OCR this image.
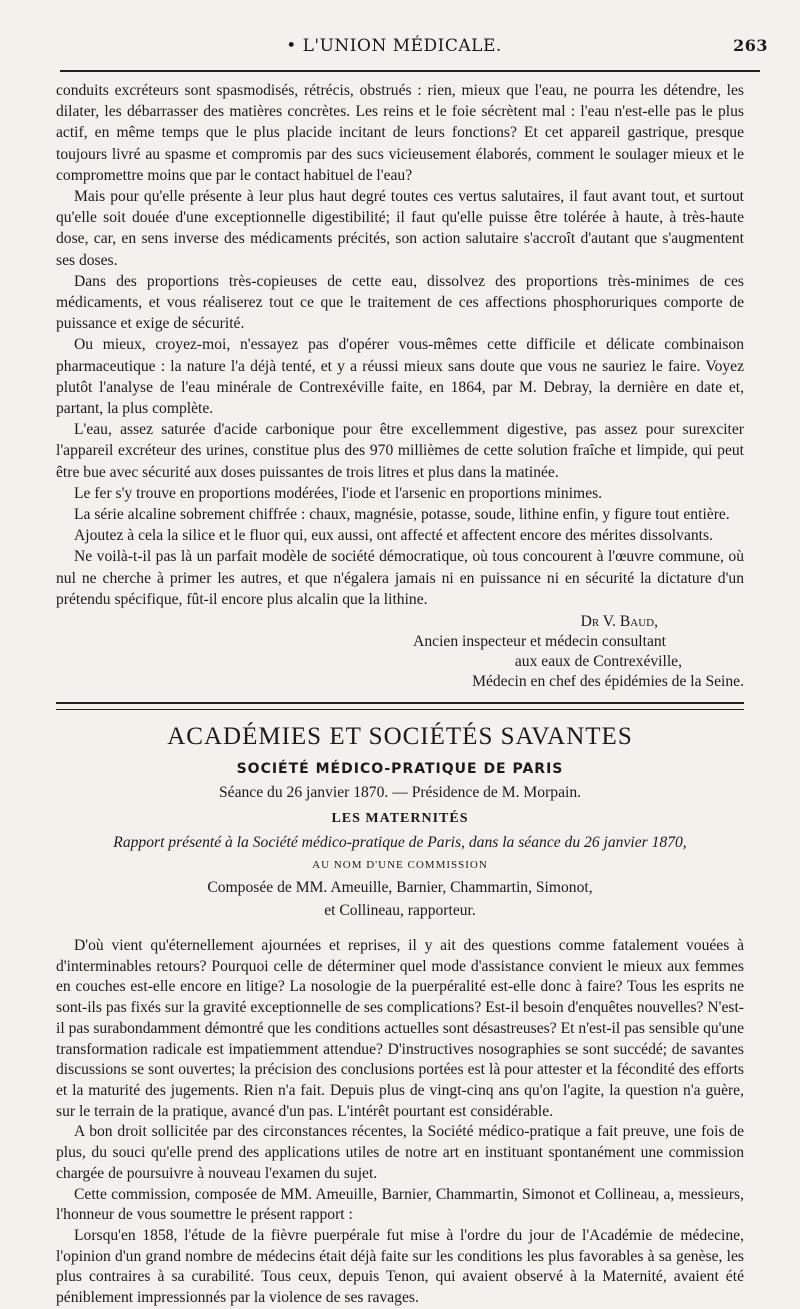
• L'UNION MÉDICALE.	263

conduits excréteurs sont spasmodisés, rétrécis, obstrués : rien, mieux que l'eau, ne pourra les détendre, les dilater, les débarrasser des matières concrètes. Les reins et le foie sécrètent mal : l'eau n'est-elle pas le plus actif, en même temps que le plus placide incitant de leurs fonctions? Et cet appareil gastrique, presque toujours livré au spasme et compromis par des sucs vicieusement élaborés, comment le soulager mieux et le compromettre moins que par le contact habituel de l'eau?

Mais pour qu'elle présente à leur plus haut degré toutes ces vertus salutaires, il faut avant tout, et surtout qu'elle soit douée d'une exceptionnelle digestibilité; il faut qu'elle puisse être tolérée à haute, à très-haute dose, car, en sens inverse des médicaments précités, son action salutaire s'accroît d'autant que s'augmentent ses doses.

Dans des proportions très-copieuses de cette eau, dissolvez des proportions très-minimes de ces médicaments, et vous réaliserez tout ce que le traitement de ces affections phosphoruriques comporte de puissance et exige de sécurité.

Ou mieux, croyez-moi, n'essayez pas d'opérer vous-mêmes cette difficile et délicate combinaison pharmaceutique : la nature l'a déjà tenté, et y a réussi mieux sans doute que vous ne sauriez le faire. Voyez plutôt l'analyse de l'eau minérale de Contrexéville faite, en 1864, par M. Debray, la dernière en date et, partant, la plus complète.

L'eau, assez saturée d'acide carbonique pour être excellemment digestive, pas assez pour surexciter l'appareil excréteur des urines, constitue plus des 970 millièmes de cette solution fraîche et limpide, qui peut être bue avec sécurité aux doses puissantes de trois litres et plus dans la matinée.

Le fer s'y trouve en proportions modérées, l'iode et l'arsenic en proportions minimes.

La série alcaline sobrement chiffrée : chaux, magnésie, potasse, soude, lithine enfin, y figure tout entière.

Ajoutez à cela la silice et le fluor qui, eux aussi, ont affecté et affectent encore des mérites dissolvants.

Ne voilà-t-il pas là un parfait modèle de société démocratique, où tous concourent à l'œuvre commune, où nul ne cherche à primer les autres, et que n'égalera jamais ni en puissance ni en sécurité la dictature d'un prétendu spécifique, fût-il encore plus alcalin que la lithine.

Dr V. Baud,
Ancien inspecteur et médecin consultant
aux eaux de Contrexéville,
Médecin en chef des épidémies de la Seine.
ACADÉMIES ET SOCIÉTÉS SAVANTES
SOCIÉTÉ MÉDICO-PRATIQUE DE PARIS
Séance du 26 janvier 1870. — Présidence de M. Morpain.
LES MATERNITÉS
Rapport présenté à la Société médico-pratique de Paris, dans la séance du 26 janvier 1870,
AU NOM D'UNE COMMISSION
Composée de MM. Ameuille, Barnier, Chammartin, Simonot,
et Collineau, rapporteur.

D'où vient qu'éternellement ajournées et reprises, il y ait des questions comme fatalement vouées à d'interminables retours? Pourquoi celle de déterminer quel mode d'assistance convient le mieux aux femmes en couches est-elle encore en litige? La nosologie de la puerpéralité est-elle donc à faire? Tous les esprits ne sont-ils pas fixés sur la gravité exceptionnelle de ses complications? Est-il besoin d'enquêtes nouvelles? N'est-il pas surabondamment démontré que les conditions actuelles sont désastreuses? Et n'est-il pas sensible qu'une transformation radicale est impatiemment attendue? D'instructives nosographies se sont succédé; de savantes discussions se sont ouvertes; la précision des conclusions portées est là pour attester et la fécondité des efforts et la maturité des jugements. Rien n'a fait. Depuis plus de vingt-cinq ans qu'on l'agite, la question n'a guère, sur le terrain de la pratique, avancé d'un pas. L'intérêt pourtant est considérable.

A bon droit sollicitée par des circonstances récentes, la Société médico-pratique a fait preuve, une fois de plus, du souci qu'elle prend des applications utiles de notre art en instituant spontanément une commission chargée de poursuivre à nouveau l'examen du sujet.

Cette commission, composée de MM. Ameuille, Barnier, Chammartin, Simonot et Collineau, a, messieurs, l'honneur de vous soumettre le présent rapport :

Lorsqu'en 1858, l'étude de la fièvre puerpérale fut mise à l'ordre du jour de l'Académie de médecine, l'opinion d'un grand nombre de médecins était déjà faite sur les conditions les plus favorables à sa genèse, les plus contraires à sa curabilité. Tous ceux, depuis Tenon, qui avaient observé à la Maternité, avaient été péniblement impressionnés par la violence de ses ravages.
